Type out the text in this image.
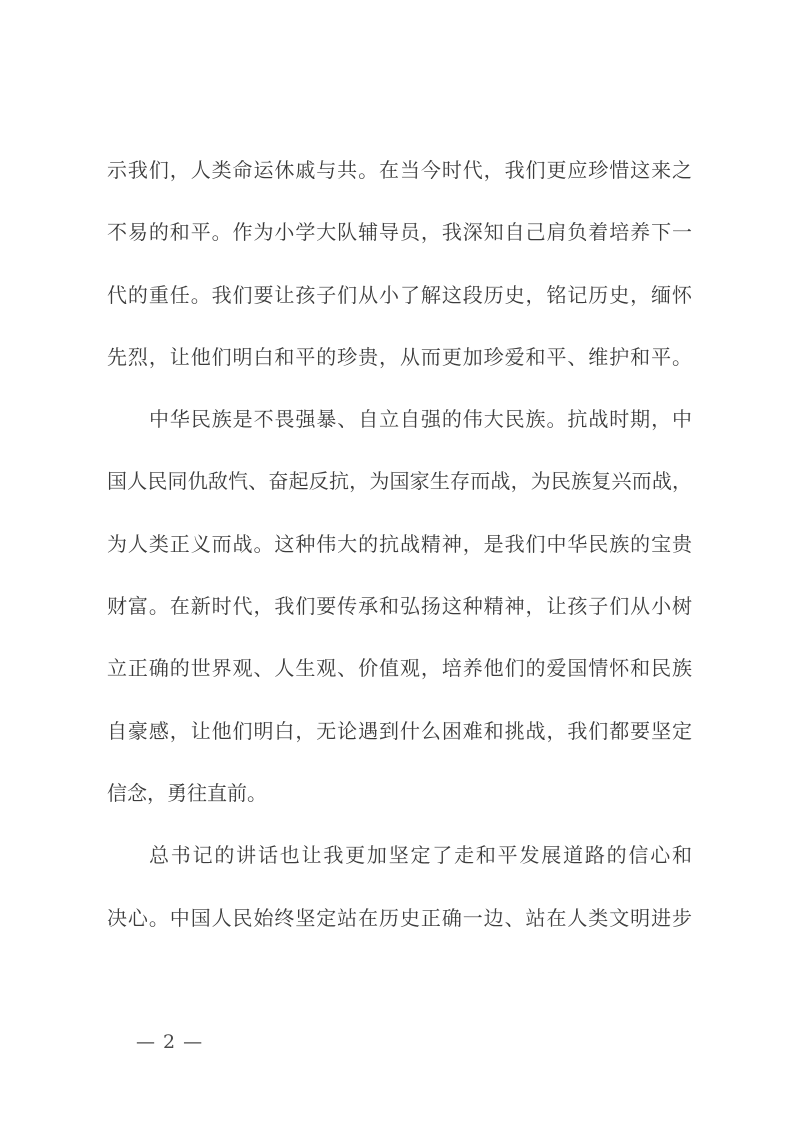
示我们，人类命运休戚与共。在当今时代，我们更应珍惜这来之
不易的和平。作为小学大队辅导员，我深知自己肩负着培养下一
代的重任。我们要让孩子们从小了解这段历史，铭记历史，缅怀
先烈，让他们明白和平的珍贵，从而更加珍爱和平、维护和平。
中华民族是不畏强暴、自立自强的伟大民族。抗战时期，中
国人民同仇敌忾、奋起反抗，为国家生存而战，为民族复兴而战，
为人类正义而战。这种伟大的抗战精神，是我们中华民族的宝贵
财富。在新时代，我们要传承和弘扬这种精神，让孩子们从小树
立正确的世界观、人生观、价值观，培养他们的爱国情怀和民族
自豪感，让他们明白，无论遇到什么困难和挑战，我们都要坚定
信念，勇往直前。
总书记的讲话也让我更加坚定了走和平发展道路的信心和
决心。中国人民始终坚定站在历史正确一边、站在人类文明进步
— 2 —
